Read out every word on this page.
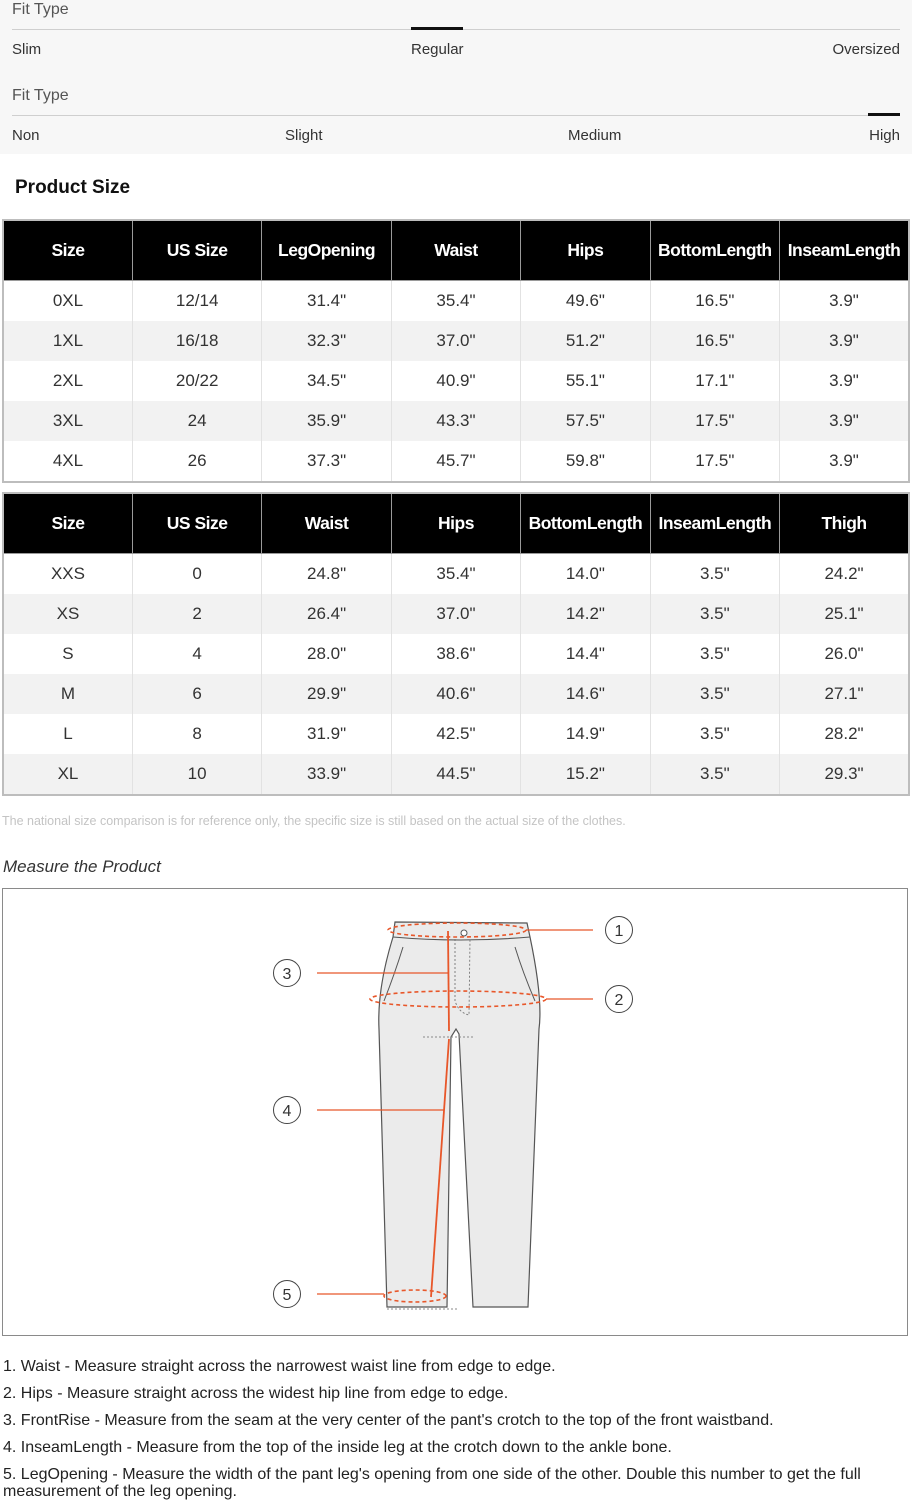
Fit Type
Slim	Regular	Oversized
Fit Type
Non	Slight	Medium	High
Product Size
Size	US Size	LegOpening	Waist	Hips	BottomLength	InseamLength
0XL	12/14	31.4"	35.4"	49.6"	16.5"	3.9"
1XL	16/18	32.3"	37.0"	51.2"	16.5"	3.9"
2XL	20/22	34.5"	40.9"	55.1"	17.1"	3.9"
3XL	24	35.9"	43.3"	57.5"	17.5"	3.9"
4XL	26	37.3"	45.7"	59.8"	17.5"	3.9"
Size	US Size	Waist	Hips	BottomLength	InseamLength	Thigh
XXS	0	24.8"	35.4"	14.0"	3.5"	24.2"
XS	2	26.4"	37.0"	14.2"	3.5"	25.1"
S	4	28.0"	38.6"	14.4"	3.5"	26.0"
M	6	29.9"	40.6"	14.6"	3.5"	27.1"
L	8	31.9"	42.5"	14.9"	3.5"	28.2"
XL	10	33.9"	44.5"	15.2"	3.5"	29.3"
The national size comparison is for reference only, the specific size is still based on the actual size of the clothes.
Measure the Product
1
2
3
4
5

1. Waist - Measure straight across the narrowest waist line from edge to edge.

2. Hips - Measure straight across the widest hip line from edge to edge.

3. FrontRise - Measure from the seam at the very center of the pant's crotch to the top of the front waistband.

4. InseamLength - Measure from the top of the inside leg at the crotch down to the ankle bone.

5. LegOpening - Measure the width of the pant leg's opening from one side of the other. Double this number to get the full measurement of the leg opening.
